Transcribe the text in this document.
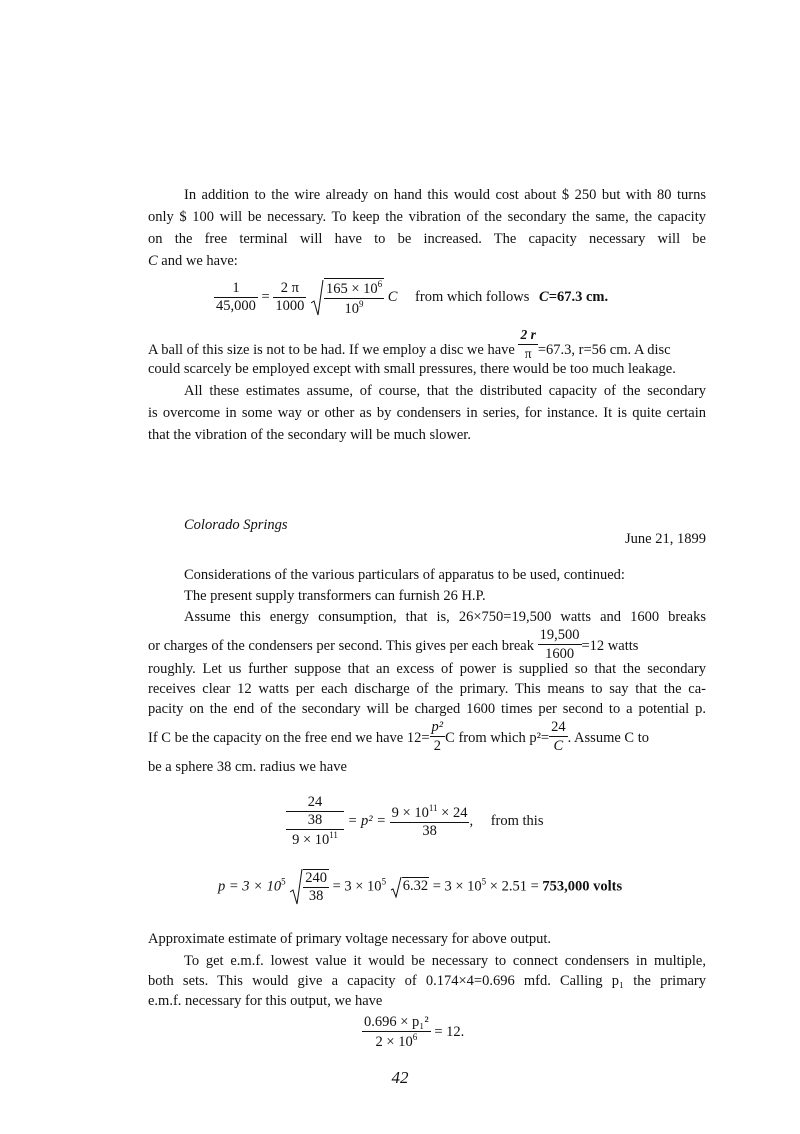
In addition to the wire already on hand this would cost about $ 250 but with 80 turns
only $ 100 will be necessary. To keep the vibration of the secondary the same, the capacity
on the free terminal will have to be increased. The capacity necessary will be
C and we have:
$\frac{1}{45,000} = \frac{2 \pi}{1000}$
$\frac{165 \times 10^6}{10^9}$ C from which follows C=67.3 cm.
A ball of this size is not to be had. If we employ a disc we have $\frac{2 r}{\pi} =67.3$, r=56 cm. A disc
could scarcely be employed except with small pressures, there would be too much leakage.
All these estimates assume, of course, that the distributed capacity of the secondary
is overcome in some way or other as by condensers in series, for instance. It is quite certain
that the vibration of the secondary will be much slower.
Colorado Springs
June 21, 1899
Considerations of the various particulars of apparatus to be used, continued:
The present supply transformers can furnish 26 H.P.
Assume this energy consumption, that is, 26×750=19,500 watts and 1600 breaks
or charges of the condensers per second. This gives per each break $\frac{19,500}{1600} =12$ watts
roughly. Let us further suppose that an excess of power is supplied so that the secondary
receives clear 12 watts per each discharge of the primary. This means to say that the ca-
pacity on the end of the secondary will be charged 1600 times per second to a potential p.
If C be the capacity on the free end we have $12= \frac{\text{p²}}{2}$ C from which $p^2= \frac{24}{C}$ . Assume C to
be a sphere 38 cm. radius we have
24
38
$9 \times 10^{11}$
= $p^2 = \frac{9 \times 10^{11} \times 24}{38}$ , from this
$p = 3 \times 10^5 \frac{240}{38} = 3 \times 10^5$ $6.32 = 3 \times 10^5 \times 2.51 = 753,000$ volts
Approximate estimate of primary voltage necessary for above output.
To get e.m.f. lowest value it would be necessary to connect condensers in multiple,
both sets. This would give a capacity of 0.174×4=0.696 mfd. Calling p₁ the primary
e.m.f. necessary for this output, we have
$\frac{\text{0.696 × p₁²}}{2 \times 10^6} = 12$.
42
